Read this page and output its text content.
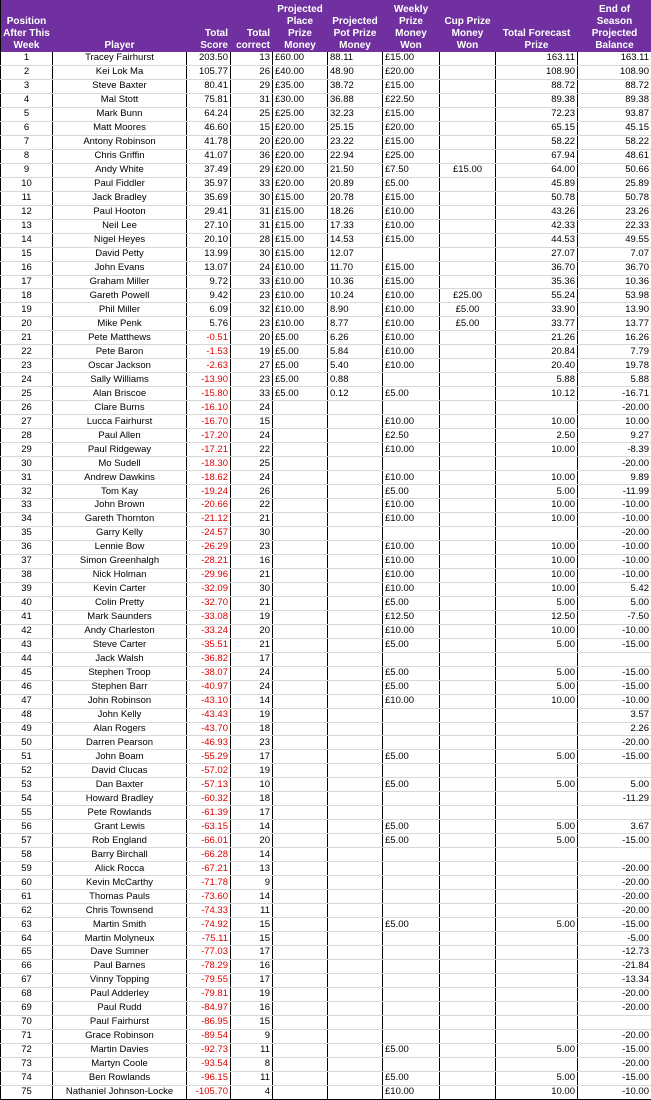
Position After This Week	Player	Total Score	Total correct	Projected Place Prize Money	Projected Pot Prize Money	Weekly Prize Money Won	Cup Prize Money Won	Total Forecast Prize	End of Season Projected Balance
1	Tracey Fairhurst	203.50	13	£60.00	88.11	£15.00		163.11	163.11
2	Kei Lok Ma	105.77	26	£40.00	48.90	£20.00		108.90	108.90
3	Steve Baxter	80.41	29	£35.00	38.72	£15.00		88.72	88.72
4	Mal Stott	75.81	31	£30.00	36.88	£22.50		89.38	89.38
5	Mark Bunn	64.24	25	£25.00	32.23	£15.00		72.23	93.87
6	Matt Moores	46.60	15	£20.00	25.15	£20.00		65.15	45.15
7	Antony Robinson	41.78	20	£20.00	23.22	£15.00		58.22	58.22
8	Chris Griffin	41.07	36	£20.00	22.94	£25.00		67.94	48.61
9	Andy White	37.49	29	£20.00	21.50	£7.50	£15.00	64.00	50.66
10	Paul Fiddler	35.97	33	£20.00	20.89	£5.00		45.89	25.89
11	Jack Bradley	35.69	30	£15.00	20.78	£15.00		50.78	50.78
12	Paul Hooton	29.41	31	£15.00	18.26	£10.00		43.26	23.26
13	Neil Lee	27.10	31	£15.00	17.33	£10.00		42.33	22.33
14	Nigel Heyes	20.10	28	£15.00	14.53	£15.00		44.53	49.55
15	David Petty	13.99	30	£15.00	12.07			27.07	7.07
16	John Evans	13.07	24	£10.00	11.70	£15.00		36.70	36.70
17	Graham Miller	9.72	33	£10.00	10.36	£15.00		35.36	10.36
18	Gareth Powell	9.42	23	£10.00	10.24	£10.00	£25.00	55.24	53.98
19	Phil Miller	6.09	32	£10.00	8.90	£10.00	£5.00	33.90	13.90
20	Mike Penk	5.76	23	£10.00	8.77	£10.00	£5.00	33.77	13.77
21	Pete Matthews	-0.51	20	£5.00	6.26	£10.00		21.26	16.26
22	Pete Baron	-1.53	19	£5.00	5.84	£10.00		20.84	7.79
23	Oscar Jackson	-2.63	27	£5.00	5.40	£10.00		20.40	19.78
24	Sally Williams	-13.90	23	£5.00	0.88			5.88	5.88
25	Alan Briscoe	-15.80	33	£5.00	0.12	£5.00		10.12	-16.71
26	Clare Burns	-16.10	24						-20.00
27	Lucca Fairhurst	-16.70	15			£10.00		10.00	10.00
28	Paul Allen	-17.20	24			£2.50		2.50	9.27
29	Paul Ridgeway	-17.21	22			£10.00		10.00	-8.39
30	Mo Sudell	-18.30	25						-20.00
31	Andrew Dawkins	-18.62	24			£10.00		10.00	9.89
32	Tom Kay	-19.24	26			£5.00		5.00	-11.99
33	John Brown	-20.66	22			£10.00		10.00	-10.00
34	Gareth Thornton	-21.12	21			£10.00		10.00	-10.00
35	Garry Kelly	-24.57	30						-20.00
36	Lennie Bow	-26.29	23			£10.00		10.00	-10.00
37	Simon Greenhalgh	-28.21	16			£10.00		10.00	-10.00
38	Nick Holman	-29.96	21			£10.00		10.00	-10.00
39	Kevin Carter	-32.09	30			£10.00		10.00	5.42
40	Colin Pretty	-32.70	21			£5.00		5.00	5.00
41	Mark Saunders	-33.08	19			£12.50		12.50	-7.50
42	Andy Charleston	-33.24	20			£10.00		10.00	-10.00
43	Steve Carter	-35.51	21			£5.00		5.00	-15.00
44	Jack Walsh	-36.82	17						
45	Stephen Troop	-38.07	24			£5.00		5.00	-15.00
46	Stephen Barr	-40.97	24			£5.00		5.00	-15.00
47	John Robinson	-43.10	14			£10.00		10.00	-10.00
48	John Kelly	-43.43	19						3.57
49	Alan Rogers	-43.70	18						2.26
50	Darren Pearson	-46.93	23						-20.00
51	John Boam	-55.29	17			£5.00		5.00	-15.00
52	David Clucas	-57.02	19						
53	Dan Baxter	-57.13	10			£5.00		5.00	5.00
54	Howard Bradley	-60.32	18						-11.29
55	Pete Rowlands	-61.39	17						
56	Grant Lewis	-63.15	14			£5.00		5.00	3.67
57	Rob England	-66.01	20			£5.00		5.00	-15.00
58	Barry Birchall	-66.28	14						
59	Alick Rocca	-67.21	13						-20.00
60	Kevin McCarthy	-71.78	9						-20.00
61	Thomas Pauls	-73.60	14						-20.00
62	Chris Townsend	-74.33	11						-20.00
63	Martin Smith	-74.92	15			£5.00		5.00	-15.00
64	Martin Molyneux	-75.11	15						-5.00
65	Dave Sumner	-77.03	17						-12.73
66	Paul Barnes	-78.29	16						-21.84
67	Vinny Topping	-79.55	17						-13.34
68	Paul Adderley	-79.81	19						-20.00
69	Paul Rudd	-84.97	16						-20.00
70	Paul Fairhurst	-86.95	15						
71	Grace Robinson	-89.54	9						-20.00
72	Martin Davies	-92.73	11			£5.00		5.00	-15.00
73	Martyn Coole	-93.54	8						-20.00
74	Ben Rowlands	-96.15	11			£5.00		5.00	-15.00
75	Nathaniel Johnson-Locke	-105.70	4			£10.00		10.00	-10.00
